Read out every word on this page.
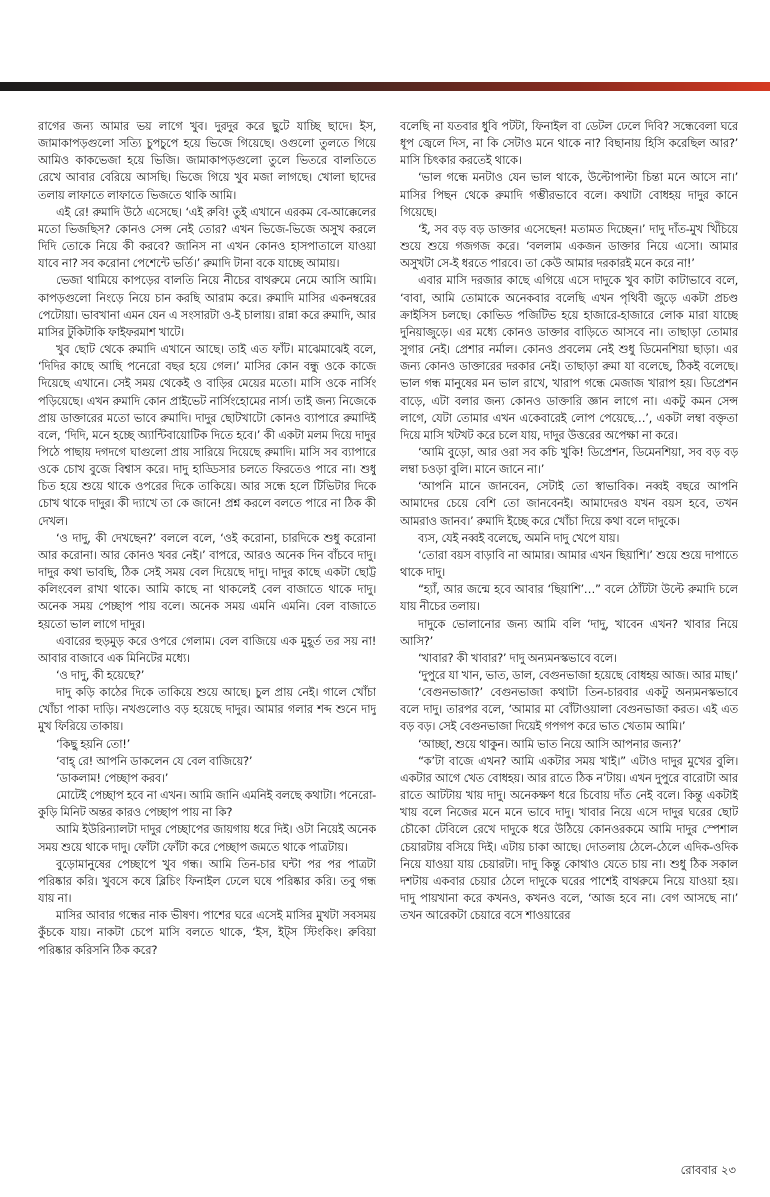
রাগের জন্য আমার ভয় লাগে খুব। দুরদুর করে ছুটে যাচ্ছি ছাদে। ইস, জামাকাপড়গুলো সত্যি চুপচুপে হয়ে ভিজে গিয়েছে। ওগুলো তুলতে গিয়ে আমিও কাকভেজা হয়ে ভিজি। জামাকাপড়গুলো তুলে ভিতরে বালতিতে রেখে আবার বেরিয়ে আসছি। ভিজে গিয়ে খুব মজা লাগছে। খোলা ছাদের তলায় লাফাতে লাফাতে ভিজতে থাকি আমি।

এই রে! রুমাদি উঠে এসেছে। ‘এই রুবি! তুই এখানে এরকম বে-আক্কেলের মতো ভিজছিস? কোনও সেন্স নেই তোর? এখন ভিজে-ভিজে অসুখ করলে দিদি তোকে নিয়ে কী করবে? জানিস না এখন কোনও হাসপাতালে যাওয়া যাবে না? সব করোনা পেশেন্টে ভর্তি।’ রুমাদি টানা বকে যাচ্ছে আমায়।

ভেজা থামিয়ে কাপড়ের বালতি নিয়ে নীচের বাথরুমে নেমে আসি আমি। কাপড়গুলো নিংড়ে নিয়ে চান করছি আরাম করে। রুমাদি মাসির একনম্বরের পেটোয়া। ভাবখানা এমন যেন এ সংসারটা ও-ই চালায়। রান্না করে রুমাদি, আর মাসির টুকিটাকি ফাইফরমাশ খাটে।

খুব ছোট থেকে রুমাদি এখানে আছে। তাই এত ফাঁট। মাঝেমাঝেই বলে, ‘দিদির কাছে আছি পনেরো বছর হয়ে গেল।’ মাসির কোন বন্ধু ওকে কাজে দিয়েছে এখানে। সেই সময় থেকেই ও বাড়ির মেয়ের মতো। মাসি ওকে নার্সিং পড়িয়েছে। এখন রুমাদি কোন প্রাইভেট নার্সিংহোমের নার্স। তাই জন্য নিজেকে প্রায় ডাক্তারের মতো ভাবে রুমাদি। দাদুর ছোটখাটো কোনও ব্যাপারে রুমাদিই বলে, ‘দিদি, মনে হচ্ছে অ্যান্টিবায়োটিক দিতে হবে।’ কী একটা মলম দিয়ে দাদুর পিঠে পাছায় দগদগে ঘাগুলো প্রায় সারিয়ে দিয়েছে রুমাদি। মাসি সব ব্যাপারে ওকে চোখ বুজে বিশ্বাস করে। দাদু হাড্ডিসার চলতে ফিরতেও পারে না। শুধু চিত হয়ে শুয়ে থাকে ওপরের দিকে তাকিয়ে। আর সন্ধে হলে টিভিটার দিকে চোখ থাকে দাদুর। কী দ্যাখে তা কে জানে! প্রশ্ন করলে বলতে পারে না ঠিক কী দেখল।

‘ও দাদু, কী দেখছেন?’ বললে বলে, ‘ওই করোনা, চারদিকে শুধু করোনা আর করোনা। আর কোনও খবর নেই।’ বাপরে, আরও অনেক দিন বাঁচবে দাদু। দাদুর কথা ভাবছি, ঠিক সেই সময় বেল দিয়েছে দাদু। দাদুর কাছে একটা ছোট্ট কলিংবেল রাখা থাকে। আমি কাছে না থাকলেই বেল বাজাতে থাকে দাদু। অনেক সময় পেচ্ছাপ পায় বলে। অনেক সময় এমনি এমনি। বেল বাজাতে হয়তো ভাল লাগে দাদুর।

এবারের হুড়মুড় করে ওপরে গেলাম। বেল বাজিয়ে এক মুহূর্ত তর সয় না! আবার বাজাবে এক মিনিটের মধ্যে।

‘ও দাদু, কী হয়েছে?’

দাদু কড়ি কাঠের দিকে তাকিয়ে শুয়ে আছে। চুল প্রায় নেই। গালে খোঁচা খোঁচা পাকা দাড়ি। নখগুলোও বড় হয়েছে দাদুর। আমার গলার শব্দ শুনে দাদু মুখ ফিরিয়ে তাকায়।

‘কিছু হয়নি তো!’

‘বাহ্ রে! আপনি ডাকলেন যে বেল বাজিয়ে?’

‘ডাকলাম! পেচ্ছাপ করব।’

মোটেই পেচ্ছাপ হবে না এখন। আমি জানি এমনিই বলছে কথাটা। পনেরো-কুড়ি মিনিট অন্তর কারও পেচ্ছাপ পায় না কি?

আমি ইউরিন্যালটা দাদুর পেচ্ছাপের জায়গায় ধরে দিই। ওটা নিয়েই অনেক সময় শুয়ে থাকে দাদু। ফোঁটা ফোঁটা করে পেচ্ছাপ জমতে থাকে পাত্রটায়।

বুড়োমানুষের পেচ্ছাপে খুব গন্ধ। আমি তিন-চার ঘন্টা পর পর পাত্রটা পরিষ্কার করি। খুবসে কষে ব্লিচিং ফিনাইল ঢেলে ঘষে পরিষ্কার করি। তবু গন্ধ যায় না।

মাসির আবার গন্ধের নাক ভীষণ। পাশের ঘরে এসেই মাসির মুখটা সবসময় কুঁচকে যায়। নাকটা চেপে মাসি বলতে থাকে, ‘ইস, ইট্‌স স্টিংকিং। রুবিয়া পরিষ্কার করিসনি ঠিক করে?

বলেছি না যতবার ধুবি পটটা, ফিনাইল বা ডেটল ঢেলে দিবি? সন্ধেবেলা ঘরে ধূপ জ্বেলে দিস, না কি সেটাও মনে থাকে না? বিছানায় হিসি করেছিল আর?’ মাসি চিৎকার করতেই থাকে।

‘ভাল গন্ধে মনটাও যেন ভাল থাকে, উল্টোপাল্টা চিন্তা মনে আসে না।’ মাসির পিছন থেকে রুমাদি গম্ভীরভাবে বলে। কথাটা বোধহয় দাদুর কানে গিয়েছে।

‘ই, সব বড় বড় ডাক্তার এসেছেন! মতামত দিচ্ছেন।’ দাদু দাঁত-মুখ খিঁচিয়ে শুয়ে শুয়ে গজগজ করে। ‘বললাম একজন ডাক্তার নিয়ে এসো। আমার অসুখটা সে-ই ধরতে পারবে। তা কেউ আমার দরকারই মনে করে না!’

এবার মাসি দরজার কাছে এগিয়ে এসে দাদুকে খুব কাটা কাটাভাবে বলে, ‘বাবা, আমি তোমাকে অনেকবার বলেছি এখন পৃথিবী জুড়ে একটা প্রচণ্ড ক্রাইসিস চলছে। কোভিড পজিটিভ হয়ে হাজারে-হাজারে লোক মারা যাচ্ছে দুনিয়াজুড়ে। এর মধ্যে কোনও ডাক্তার বাড়িতে আসবে না। তাছাড়া তোমার সুগার নেই। প্রেশার নর্মাল। কোনও প্রবলেম নেই শুধু ডিমেনশিয়া ছাড়া। এর জন্য কোনও ডাক্তারের দরকার নেই। তাছাড়া রুমা যা বলেছে, ঠিকই বলেছে। ভাল গন্ধ মানুষের মন ভাল রাখে, খারাপ গন্ধে মেজাজ খারাপ হয়। ডিপ্রেশন বাড়ে, এটা বলার জন্য কোনও ডাক্তারি জ্ঞান লাগে না। একটু কমন সেন্স লাগে, যেটা তোমার এখন একেবারেই লোপ পেয়েছে…’, একটা লম্বা বক্তৃতা দিয়ে মাসি খটখট করে চলে যায়, দাদুর উত্তরের অপেক্ষা না করে।

‘আমি বুড়ো, আর ওরা সব কচি খুকি! ডিপ্রেশন, ডিমেনশিয়া, সব বড় বড় লম্বা চওড়া বুলি। মানে জানে না।’

‘আপনি মানে জানবেন, সেটাই তো স্বাভাবিক। নব্বই বছরে আপনি আমাদের চেয়ে বেশি তো জানবেনই। আমাদেরও যখন বয়স হবে, তখন আমরাও জানব।’ রুমাদি ইচ্ছে করে খোঁচা দিয়ে কথা বলে দাদুকে।

ব্যস, যেই নব্বই বলেছে, অমনি দাদু খেপে যায়।

‘তোরা বয়স বাড়াবি না আমার। আমার এখন ছিয়াশি।’ শুয়ে শুয়ে দাপাতে থাকে দাদু।

“হ্যাঁ, আর জন্মে হবে আবার ‘ছিয়াশি’…” বলে ঠোঁটটা উল্টে রুমাদি চলে যায় নীচের তলায়।

দাদুকে ভোলানোর জন্য আমি বলি ‘দাদু, খাবেন এখন? খাবার নিয়ে আসি?’

‘খাবার? কী খাবার?’ দাদু অন্যমনস্কভাবে বলে।

‘দুপুরে যা খান, ভাত, ডাল, বেগুনভাজা হয়েছে বোধহয় আজ। আর মাছ।’

‘বেগুনভাজা?’ বেগুনভাজা কথাটা তিন-চারবার একটু অন্যমনস্কভাবে বলে দাদু। তারপর বলে, ‘আমার মা বোঁটাওয়ালা বেগুনভাজা করত। এই এত বড় বড়। সেই বেগুনভাজা দিয়েই গপগপ করে ভাত খেতাম আমি।’

‘আচ্ছা, শুয়ে থাকুন। আমি ভাত নিয়ে আসি আপনার জন্য?’

“ক’টা বাজে এখন? আমি একটার সময় খাই।” এটাও দাদুর মুখের বুলি। একটার আগে খেত বোধহয়। আর রাতে ঠিক ন’টায়। এখন দুপুরে বারোটা আর রাতে আটটায় খায় দাদু। অনেকক্ষণ ধরে চিবোয় দাঁত নেই বলে। কিন্তু একটাই খায় বলে নিজের মনে মনে ভাবে দাদু। খাবার নিয়ে এসে দাদুর ঘরের ছোট চৌকো টেবিলে রেখে দাদুকে ধরে উঠিয়ে কোনওরকমে আমি দাদুর স্পেশাল চেয়ারটায় বসিয়ে দিই। এটায় চাকা আছে। দোতলায় ঠেলে-ঠেলে এদিক-ওদিক নিয়ে যাওয়া যায় চেয়ারটা। দাদু কিন্তু কোথাও যেতে চায় না। শুধু ঠিক সকাল দশটায় একবার চেয়ার ঠেলে দাদুকে ঘরের পাশেই বাথরুমে নিয়ে যাওয়া হয়। দাদু পায়খানা করে কখনও, কখনও বলে, ‘আজ হবে না। বেগ আসছে না।’ তখন আরেকটা চেয়ারে বসে শাওয়ারের

রোববার ২৩
